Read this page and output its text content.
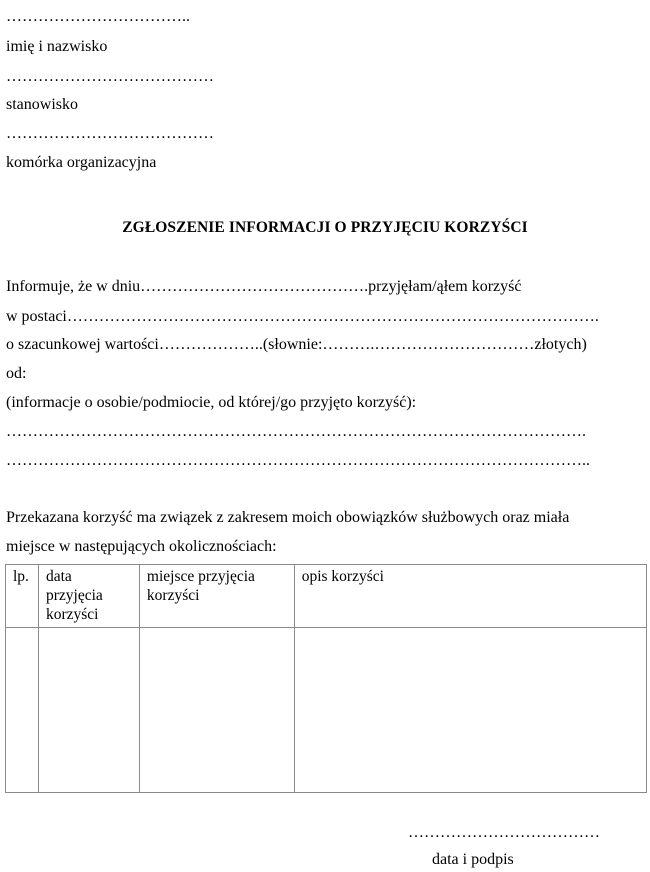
……………………………..
imię i nazwisko
…………………………………
stanowisko
…………………………………
komórka organizacyjna
ZGŁOSZENIE INFORMACJI O PRZYJĘCIU KORZYŚCI
Informuje, że w dniu…………………………………….przyjęłam/ąłem korzyść
w postaci……………………………………………………………………………………….
o szacunkowej wartości………………..(słownie:……….…………………………złotych)
od:
(informacje o osobie/podmiocie, od której/go przyjęto korzyść):
……………………………………………………………………………………………….
………………………………………………………………………………………………..
Przekazana korzyść ma związek z zakresem moich obowiązków służbowych oraz miała
miejsce w następujących okolicznościach:
lp.	data przyjęcia korzyści	miejsce przyjęcia korzyści	opis korzyści

………………………………
data i podpis
